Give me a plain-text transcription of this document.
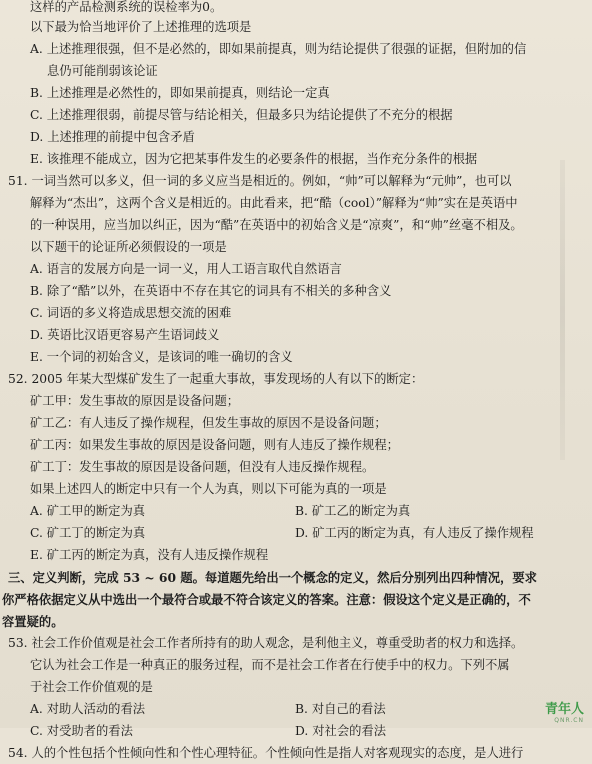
这样的产品检测系统的误检率为0。
以下最为恰当地评价了上述推理的选项是
A. 上述推理很强，但不是必然的，即如果前提真，则为结论提供了很强的证据，但附加的信
息仍可能削弱该论证
B. 上述推理是必然性的，即如果前提真，则结论一定真
C. 上述推理很弱，前提尽管与结论相关，但最多只为结论提供了不充分的根据
D. 上述推理的前提中包含矛盾
E. 该推理不能成立，因为它把某事件发生的必要条件的根据，当作充分条件的根据
51. 一词当然可以多义，但一词的多义应当是相近的。例如，“帅”可以解释为“元帅”，也可以
解释为“杰出”，这两个含义是相近的。由此看来，把“酷（cool）”解释为“帅”实在是英语中
的一种误用，应当加以纠正，因为“酷”在英语中的初始含义是“凉爽”，和“帅”丝毫不相及。
以下题干的论证所必须假设的一项是
A. 语言的发展方向是一词一义，用人工语言取代自然语言
B. 除了“酷”以外，在英语中不存在其它的词具有不相关的多种含义
C. 词语的多义将造成思想交流的困难
D. 英语比汉语更容易产生语词歧义
E. 一个词的初始含义，是该词的唯一确切的含义
52. 2005 年某大型煤矿发生了一起重大事故，事发现场的人有以下的断定：
矿工甲：发生事故的原因是设备问题；
矿工乙：有人违反了操作规程，但发生事故的原因不是设备问题；
矿工丙：如果发生事故的原因是设备问题，则有人违反了操作规程；
矿工丁：发生事故的原因是设备问题，但没有人违反操作规程。
如果上述四人的断定中只有一个人为真，则以下可能为真的一项是
A. 矿工甲的断定为真	B. 矿工乙的断定为真
C. 矿工丁的断定为真	D. 矿工丙的断定为真，有人违反了操作规程
E. 矿工丙的断定为真，没有人违反操作规程
三、定义判断，完成 53 ~ 60 题。每道题先给出一个概念的定义，然后分别列出四种情况，要求
你严格依据定义从中选出一个最符合或最不符合该定义的答案。注意：假设这个定义是正确的，不
容置疑的。
53. 社会工作价值观是社会工作者所持有的助人观念，是利他主义，尊重受助者的权力和选择。
它认为社会工作是一种真正的服务过程，而不是社会工作者在行使手中的权力。下列不属
于社会工作价值观的是
A. 对助人活动的看法	B. 对自己的看法
C. 对受助者的看法	D. 对社会的看法
54. 人的个性包括个性倾向性和个性心理特征。个性倾向性是指人对客观现实的态度，是人进行
青年人
QNR.CN
